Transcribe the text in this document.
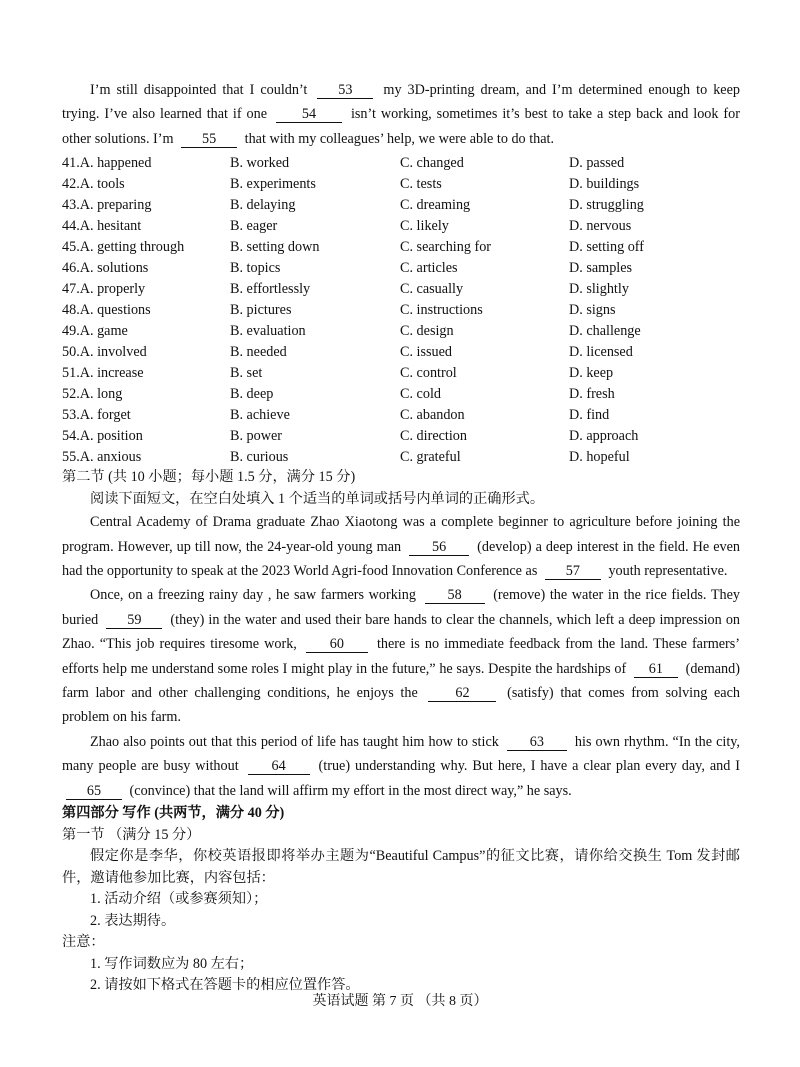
I’m still disappointed that I couldn’t 53 my 3D-printing dream, and I’m determined enough to keep trying. I’ve also learned that if one 54 isn’t working, sometimes it’s best to take a step back and look for other solutions. I’m 55 that with my colleagues’ help, we were able to do that.

41.A. happened	B. worked	C. changed	D. passed
42.A. tools	B. experiments	C. tests	D. buildings
43.A. preparing	B. delaying	C. dreaming	D. struggling
44.A. hesitant	B. eager	C. likely	D. nervous
45.A. getting through	B. setting down	C. searching for	D. setting off
46.A. solutions	B. topics	C. articles	D. samples
47.A. properly	B. effortlessly	C. casually	D. slightly
48.A. questions	B. pictures	C. instructions	D. signs
49.A. game	B. evaluation	C. design	D. challenge
50.A. involved	B. needed	C. issued	D. licensed
51.A. increase	B. set	C. control	D. keep
52.A. long	B. deep	C. cold	D. fresh
53.A. forget	B. achieve	C. abandon	D. find
54.A. position	B. power	C. direction	D. approach
55.A. anxious	B. curious	C. grateful	D. hopeful

第二节 (共 10 小题；每小题 1.5 分，满分 15 分)

阅读下面短文，在空白处填入 1 个适当的单词或括号内单词的正确形式。

Central Academy of Drama graduate Zhao Xiaotong was a complete beginner to agriculture before joining the program. However, up till now, the 24-year-old young man 56 (develop) a deep interest in the field. He even had the opportunity to speak at the 2023 World Agri-food Innovation Conference as 57 youth representative.

Once, on a freezing rainy day , he saw farmers working 58 (remove) the water in the rice fields. They buried 59 (they) in the water and used their bare hands to clear the channels, which left a deep impression on Zhao. “This job requires tiresome work, 60 there is no immediate feedback from the land. These farmers’ efforts help me understand some roles I might play in the future,” he says. Despite the hardships of 61 (demand) farm labor and other challenging conditions, he enjoys the 62 (satisfy) that comes from solving each problem on his farm.

Zhao also points out that this period of life has taught him how to stick 63 his own rhythm. “In the city, many people are busy without 64 (true) understanding why. But here, I have a clear plan every day, and I 65 (convince) that the land will affirm my effort in the most direct way,” he says.

第四部分 写作 (共两节，满分 40 分)

第一节 （满分 15 分）

假定你是李华，你校英语报即将举办主题为“Beautiful Campus”的征文比赛，请你给交换生 Tom 发封邮件，邀请他参加比赛，内容包括：

1. 活动介绍（或参赛须知）；

2. 表达期待。

注意：

1. 写作词数应为 80 左右；

2. 请按如下格式在答题卡的相应位置作答。

英语试题 第 7 页 （共 8 页）
